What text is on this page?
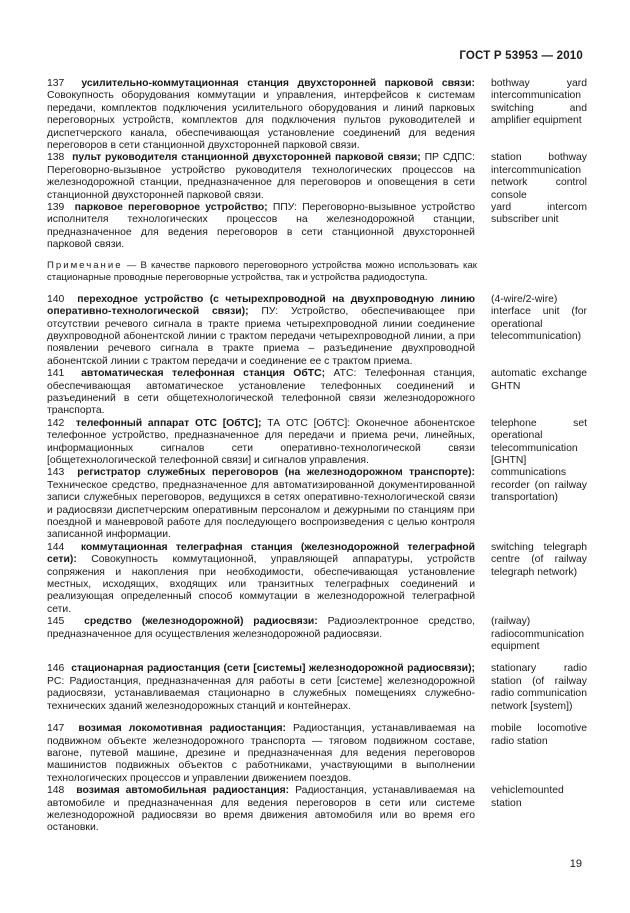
ГОСТ Р 53953 — 2010

137 усилительно-коммутационная станция двухсторонней парковой связи: Совокупность оборудования коммутации и управления, интерфейсов к системам передачи, комплектов подключения усилительного оборудования и линий парковых переговорных устройств, комплектов для подключения пультов руководителей и диспетчерского канала, обеспечивающая установление соединений для ведения переговоров в сети станционной двухсторонней парковой связи.

bothway yard intercommunication switching and amplifier equipment

138 пульт руководителя станционной двухсторонней парковой связи; ПР СДПС: Переговорно-вызывное устройство руководителя технологических процессов на железнодорожной станции, предназначенное для переговоров и оповещения в сети станционной двухсторонней парковой связи.

station bothway intercommunication network control console

139 парковое переговорное устройство; ППУ: Переговорно-вызывное устройство исполнителя технологических процессов на железнодорожной станции, предназначенное для ведения переговоров в сети станционной двухсторонней парковой связи.

yard intercom subscriber unit

Примечание — В качестве паркового переговорного устройства можно использовать как стационарные проводные переговорные устройства, так и устройства радиодоступа.

140 переходное устройство (с четырехпроводной на двухпроводную линию оперативно-технологической связи); ПУ: Устройство, обеспечивающее при отсутствии речевого сигнала в тракте приема четырехпроводной линии соединение двухпроводной абонентской линии с трактом передачи четырехпроводной линии, а при появлении речевого сигнала в тракте приема – разъединение двухпроводной абонентской линии с трактом передачи и соединение ее с трактом приема.

(4-wire/2-wire) interface unit (for operational telecommunication)

141 автоматическая телефонная станция ОбТС; АТС: Телефонная станция, обеспечивающая автоматическое установление телефонных соединений и разъединений в сети общетехнологической телефонной связи железнодорожного транспорта.

automatic exchange GHTN

142 телефонный аппарат ОТС [ОбТС]; ТА ОТС [ОбТС]: Оконечное абонентское телефонное устройство, предназначенное для передачи и приема речи, линейных, информационных сигналов сети оперативно-технологической связи [общетехнологической телефонной связи] и сигналов управления.

telephone set operational telecommunication [GHTN]

143 регистратор служебных переговоров (на железнодорожном транспорте): Техническое средство, предназначенное для автоматизированной документированной записи служебных переговоров, ведущихся в сетях оперативно-технологической связи и радиосвязи диспетчерским оперативным персоналом и дежурными по станциям при поездной и маневровой работе для последующего воспроизведения с целью контроля записанной информации.

communications recorder (on railway transportation)

144 коммутационная телеграфная станция (железнодорожной телеграфной сети): Совокупность коммутационной, управляющей аппаратуры, устройств сопряжения и накопления при необходимости, обеспечивающая установление местных, исходящих, входящих или транзитных телеграфных соединений и реализующая определенный способ коммутации в железнодорожной телеграфной сети.

switching telegraph centre (of railway telegraph network)

145 средство (железнодорожной) радиосвязи: Радиоэлектронное средство, предназначенное для осуществления железнодорожной радиосвязи.

(railway) radiocommunication equipment

146 стационарная радиостанция (сети [системы] железнодорожной радиосвязи); РС: Радиостанция, предназначенная для работы в сети [системе] железнодорожной радиосвязи, устанавливаемая стационарно в служебных помещениях служебно-технических зданий железнодорожных станций и контейнерах.

stationary radio station (of railway radio communication network [system])

147 возимая локомотивная радиостанция: Радиостанция, устанавливаемая на подвижном объекте железнодорожного транспорта — тяговом подвижном составе, вагоне, путевой машине, дрезине и предназначенная для ведения переговоров машинистов подвижных объектов с работниками, участвующими в выполнении технологических процессов и управлении движением поездов.

mobile locomotive radio station

148 возимая автомобильная радиостанция: Радиостанция, устанавливаемая на автомобиле и предназначенная для ведения переговоров в сети или системе железнодорожной радиосвязи во время движения автомобиля или во время его остановки.

vehiclemounted station

19
